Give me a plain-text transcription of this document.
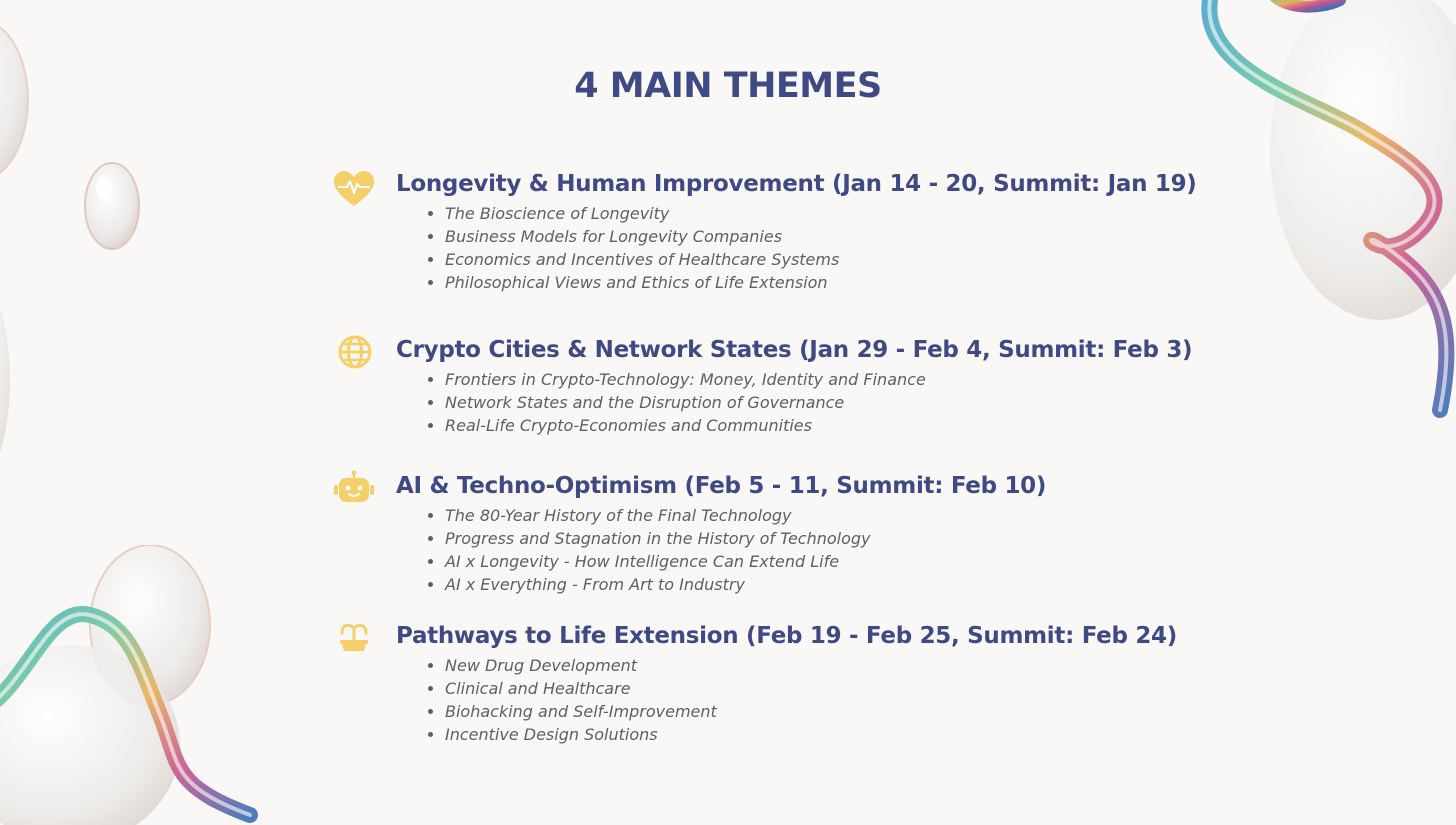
4 MAIN THEMES
Longevity & Human Improvement (Jan 14 - 20, Summit: Jan 19)
• The Bioscience of Longevity
• Business Models for Longevity Companies
• Economics and Incentives of Healthcare Systems
• Philosophical Views and Ethics of Life Extension
Crypto Cities & Network States (Jan 29 - Feb 4, Summit: Feb 3)
• Frontiers in Crypto-Technology: Money, Identity and Finance
• Network States and the Disruption of Governance
• Real-Life Crypto-Economies and Communities
AI & Techno-Optimism (Feb 5 - 11, Summit: Feb 10)
• The 80-Year History of the Final Technology
• Progress and Stagnation in the History of Technology
• AI x Longevity - How Intelligence Can Extend Life
• AI x Everything - From Art to Industry
Pathways to Life Extension (Feb 19 - Feb 25, Summit: Feb 24)
• New Drug Development
• Clinical and Healthcare
• Biohacking and Self-Improvement
• Incentive Design Solutions
